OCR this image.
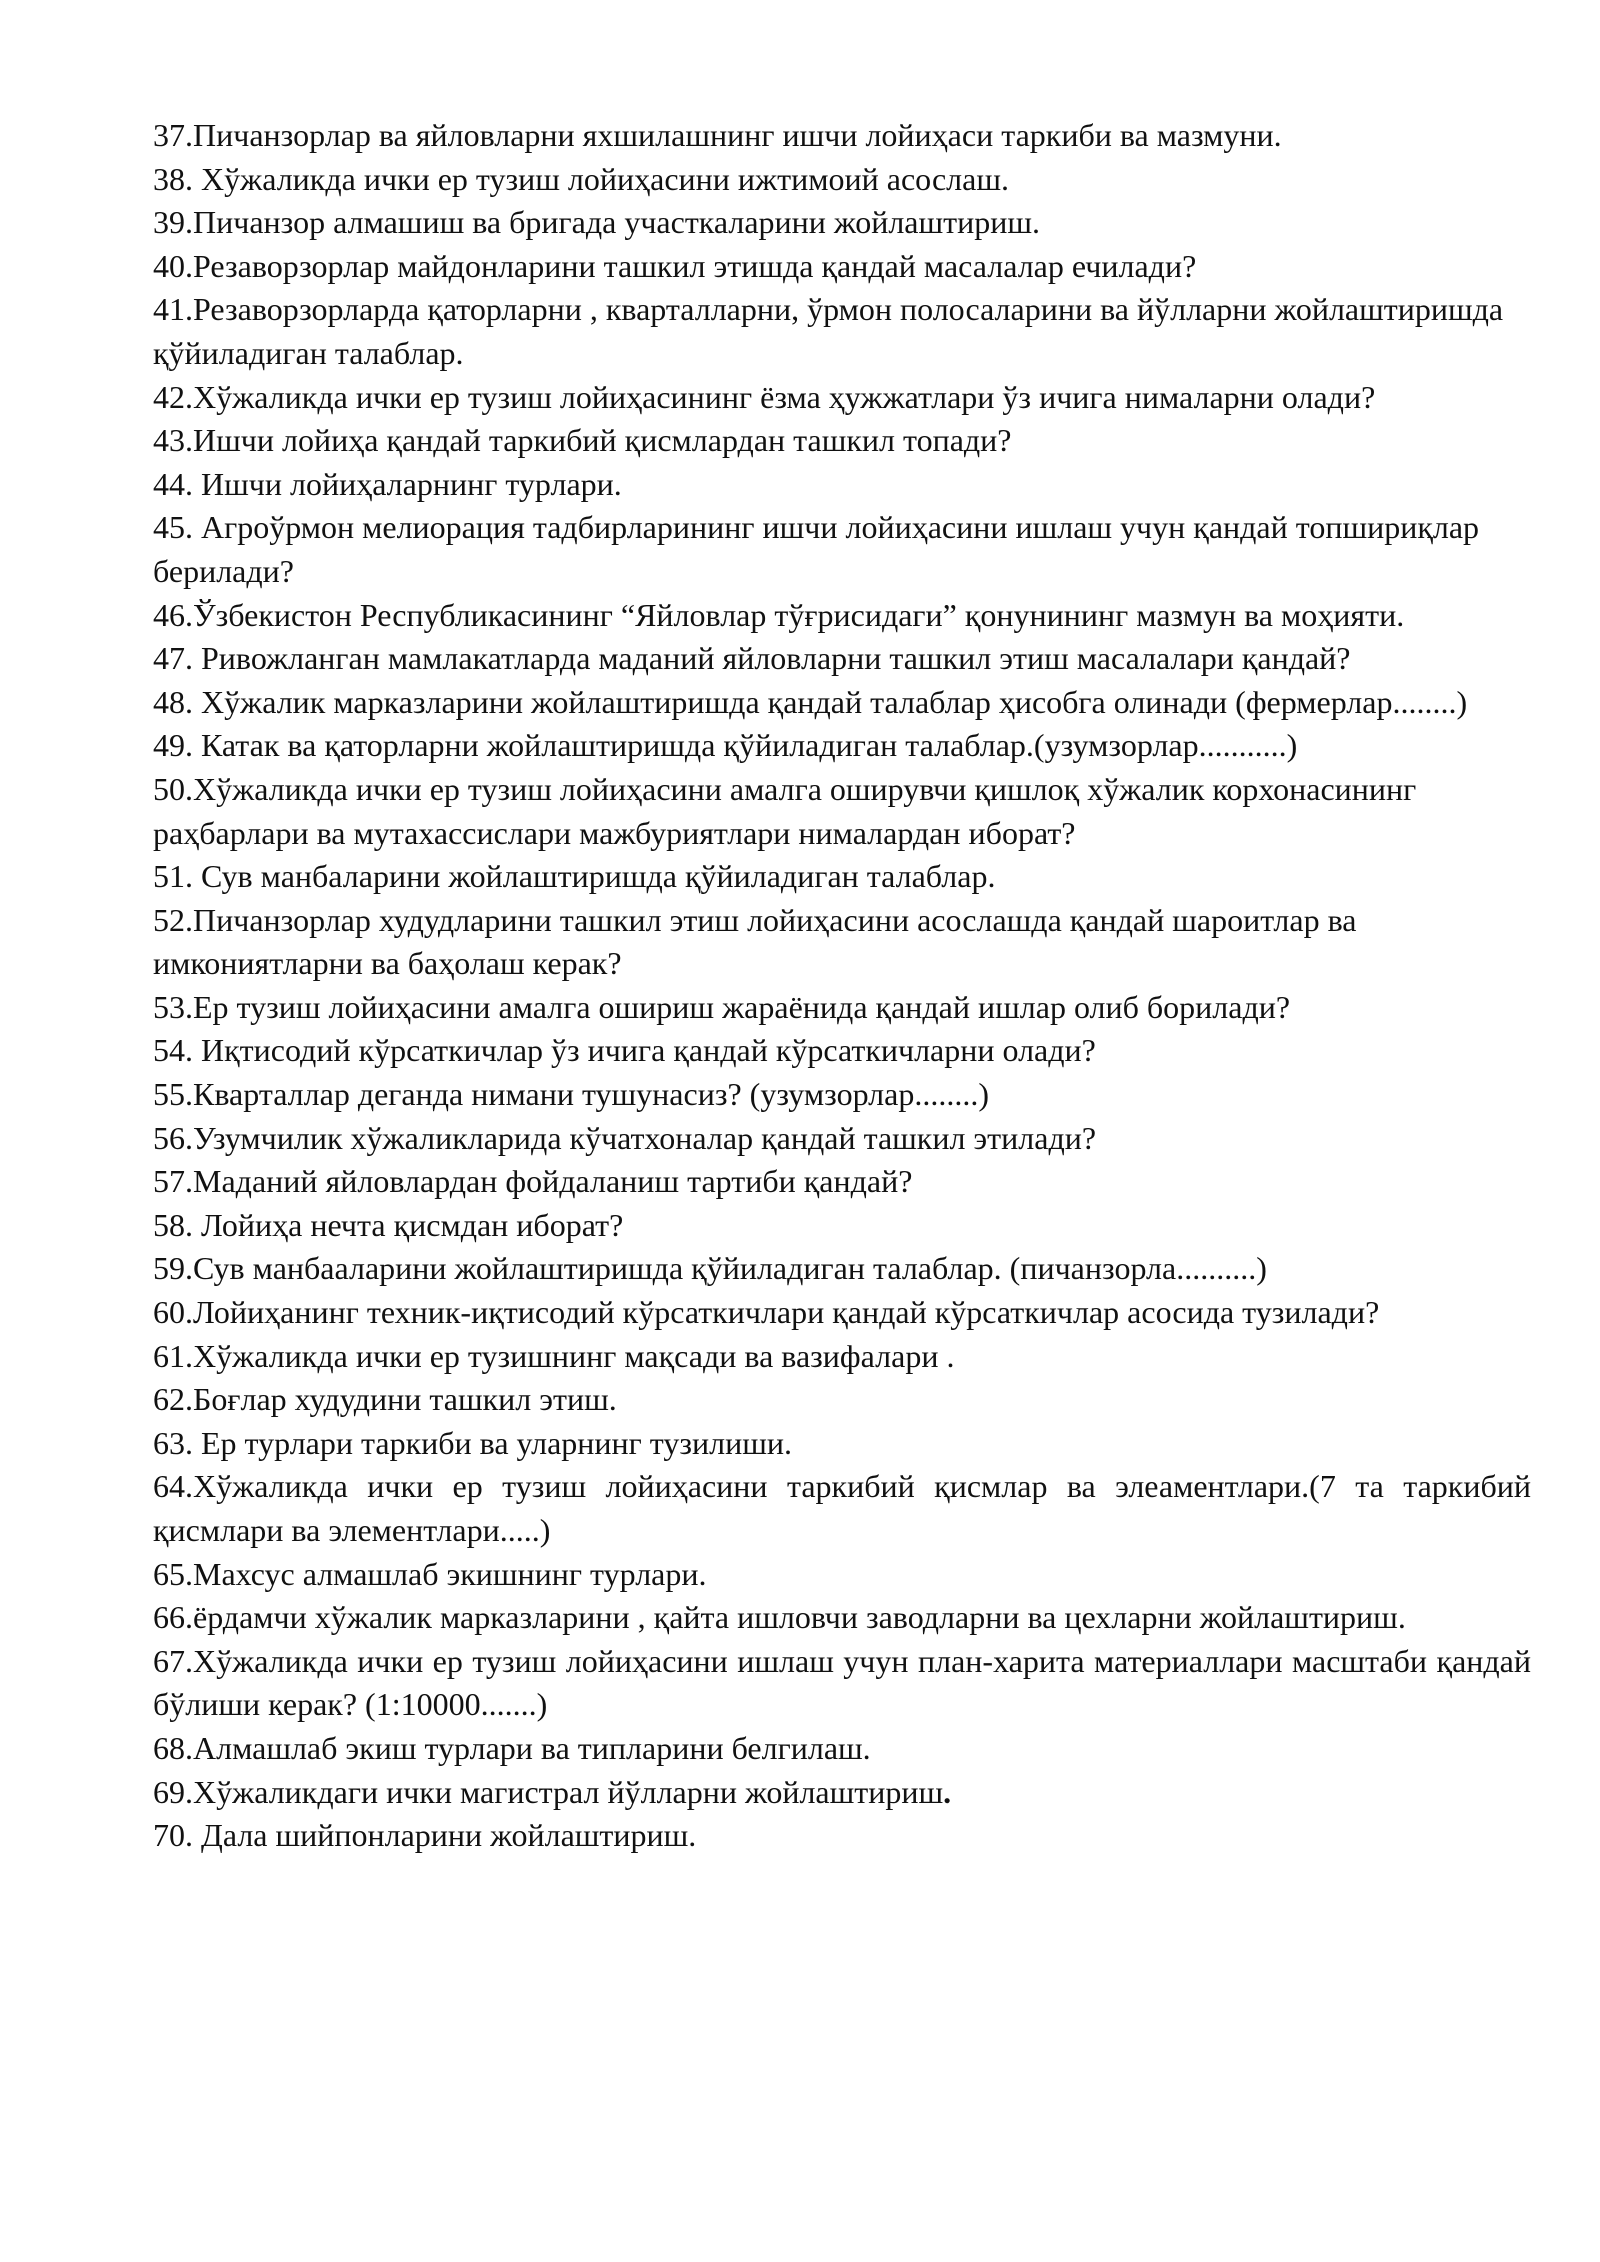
37.Пичанзорлар ва яйловларни яхшилашнинг ишчи лойиҳаси таркиби ва мазмуни.

38. Хўжаликда ички ер тузиш лойиҳасини ижтимоий асослаш.

39.Пичанзор алмашиш ва бригада участкаларини жойлаштириш.

40.Резаворзорлар майдонларини ташкил этишда қандай масалалар ечилади?

41.Резаворзорларда қаторларни , кварталларни, ўрмон полосаларини ва йўлларни жойлаштиришда қўйиладиган талаблар.

42.Хўжаликда ички ер тузиш лойиҳасининг ёзма ҳужжатлари ўз ичига нималарни олади?

43.Ишчи лойиҳа қандай таркибий қисмлардан ташкил топади?

44. Ишчи лойиҳаларнинг турлари.

45. Агроўрмон мелиорация тадбирларининг ишчи лойиҳасини ишлаш учун қандай топшириқлар берилади?

46.Ўзбекистон Республикасининг “Яйловлар тўғрисидаги” қонунининг мазмун ва моҳияти.

47. Ривожланган мамлакатларда маданий яйловларни ташкил этиш масалалари қандай?

48. Хўжалик марказларини жойлаштиришда қандай талаблар ҳисобга олинади (фермерлар........)

49. Катак ва қаторларни жойлаштиришда қўйиладиган талаблар.(узумзорлар...........)

50.Хўжаликда ички ер тузиш лойиҳасини амалга оширувчи қишлоқ хўжалик корхонасининг раҳбарлари ва мутахассислари мажбуриятлари нималардан иборат?

51. Сув манбаларини жойлаштиришда қўйиладиган талаблар.

52.Пичанзорлар худудларини ташкил этиш лойиҳасини асослашда қандай шароитлар ва имкониятларни ва баҳолаш керак?

53.Ер тузиш лойиҳасини амалга ошириш жараёнида қандай ишлар олиб борилади?

54. Иқтисодий кўрсаткичлар ўз ичига қандай кўрсаткичларни олади?

55.Кварталлар деганда нимани тушунасиз? (узумзорлар........)

56.Узумчилик хўжаликларида кўчатхоналар қандай ташкил этилади?

57.Маданий яйловлардан фойдаланиш тартиби қандай?

58. Лойиҳа нечта қисмдан иборат?

59.Сув манбааларини жойлаштиришда қўйиладиган талаблар. (пичанзорла..........)

60.Лойиҳанинг техник-иқтисодий кўрсаткичлари қандай кўрсаткичлар асосида тузилади?

61.Хўжаликда ички ер тузишнинг мақсади ва вазифалари .

62.Боғлар худудини ташкил этиш.

63. Ер турлари таркиби ва уларнинг тузилиши.

64.Хўжаликда ички ер тузиш лойиҳасини таркибий қисмлар ва элеаментлари.(7 та таркибий қисмлари ва элементлари.....)

65.Махсус алмашлаб экишнинг турлари.

66.ёрдамчи хўжалик марказларини , қайта ишловчи заводларни ва цехларни жойлаштириш.

67.Хўжаликда ички ер тузиш лойиҳасини ишлаш учун план-харита материаллари масштаби қандай бўлиши керак? (1:10000.......)

68.Алмашлаб экиш турлари ва типларини белгилаш.

69.Хўжаликдаги ички магистрал йўлларни жойлаштириш.

70. Дала шийпонларини жойлаштириш.
